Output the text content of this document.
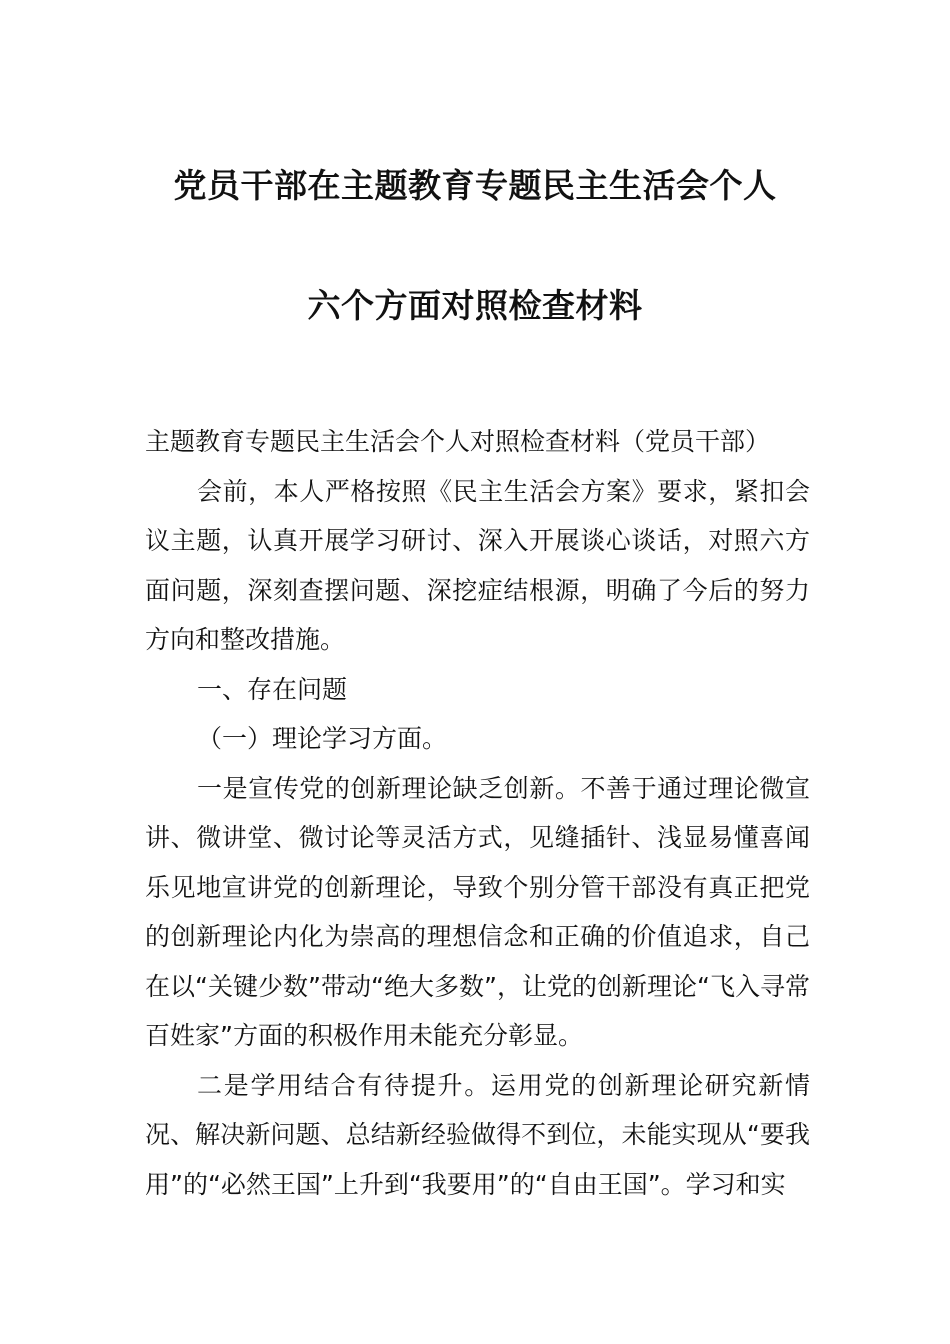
党员干部在主题教育专题民主生活会个人
六个方面对照检查材料

主题教育专题民主生活会个人对照检查材料（党员干部）

会前，本人严格按照《民主生活会方案》要求，紧扣会议主题，认真开展学习研讨、深入开展谈心谈话，对照六方面问题，深刻查摆问题、深挖症结根源，明确了今后的努力方向和整改措施。

一、存在问题

（一）理论学习方面。

一是宣传党的创新理论缺乏创新。不善于通过理论微宣讲、微讲堂、微讨论等灵活方式，见缝插针、浅显易懂喜闻乐见地宣讲党的创新理论，导致个别分管干部没有真正把党的创新理论内化为崇高的理想信念和正确的价值追求，自己在以“关键少数”带动“绝大多数”，让党的创新理论“飞入寻常百姓家”方面的积极作用未能充分彰显。

二是学用结合有待提升。运用党的创新理论研究新情况、解决新问题、总结新经验做得不到位，未能实现从“要我用”的“必然王国”上升到“我要用”的“自由王国”。学习和实
